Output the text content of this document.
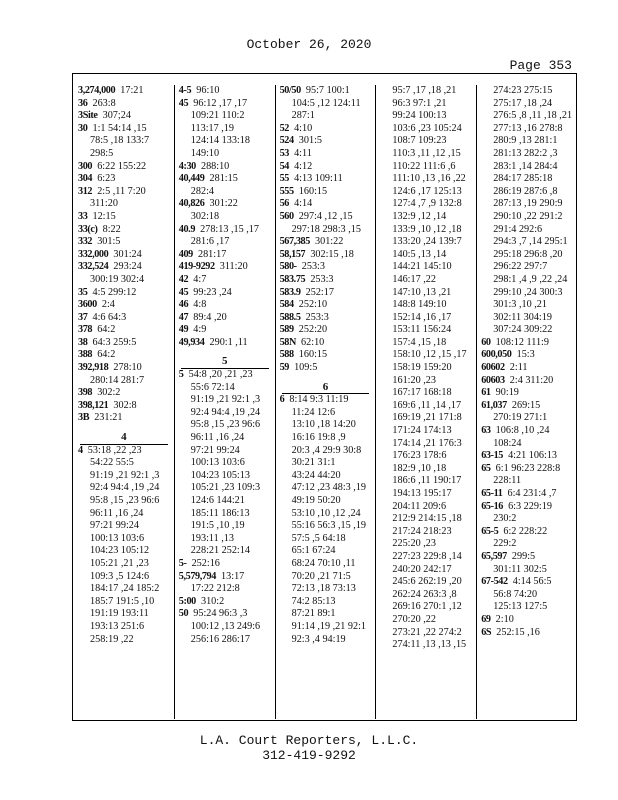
October 26, 2020
Page 353
3,274,000 17:21
36 263:8
3Site 307;24
30 1:1 54:14 ,15
78:5 ,18 133:7
298:5
300 6:22 155:22
304 6:23
312 2:5 ,11 7:20
311:20
33 12:15
33(c) 8:22
332 301:5
332,000 301:24
332,524 293:24
300:19 302:4
35 4:5 299:12
3600 2:4
37 4:6 64:3
378 64:2
38 64:3 259:5
388 64:2
392,918 278:10
280:14 281:7
398 302:2
398,121 302:8
3B 231:21
4
4 53:18 ,22 ,23
54:22 55:5
91:19 ,21 92:1 ,3
92:4 94:4 ,19 ,24
95:8 ,15 ,23 96:6
96:11 ,16 ,24
97:21 99:24
100:13 103:6
104:23 105:12
105:21 ,21 ,23
109:3 ,5 124:6
184:17 ,24 185:2
185:7 191:5 ,10
191:19 193:11
193:13 251:6
258:19 ,22
4-5 96:10
45 96:12 ,17 ,17
109:21 110:2
113:17 ,19
124:14 133:18
149:10
4:30 288:10
40,449 281:15
282:4
40,826 301:22
302:18
40.9 278:13 ,15 ,17
281:6 ,17
409 281:17
419-9292 311:20
42 4:7
45 99:23 ,24
46 4:8
47 89:4 ,20
49 4:9
49,934 290:1 ,11
5
5 54:8 ,20 ,21 ,23
55:6 72:14
91:19 ,21 92:1 ,3
92:4 94:4 ,19 ,24
95:8 ,15 ,23 96:6
96:11 ,16 ,24
97:21 99:24
100:13 103:6
104:23 105:13
105:21 ,23 109:3
124:6 144:21
185:11 186:13
191:5 ,10 ,19
193:11 ,13
228:21 252:14
5- 252:16
5,579,794 13:17
17:22 212:8
5:00 310:2
50 95:24 96:3 ,3
100:12 ,13 249:6
256:16 286:17
50/50 95:7 100:1
104:5 ,12 124:11
287:1
52 4:10
524 301:5
53 4:11
54 4:12
55 4:13 109:11
555 160:15
56 4:14
560 297:4 ,12 ,15
297:18 298:3 ,15
567,385 301:22
58,157 302:15 ,18
580- 253:3
583.75 253:3
583.9 252:17
584 252:10
588.5 253:3
589 252:20
58N 62:10
588 160:15
59 109:5
6
6 8:14 9:3 11:19
11:24 12:6
13:10 ,18 14:20
16:16 19:8 ,9
20:3 ,4 29:9 30:8
30:21 31:1
43:24 44:20
47:12 ,23 48:3 ,19
49:19 50:20
53:10 ,10 ,12 ,24
55:16 56:3 ,15 ,19
57:5 ,5 64:18
65:1 67:24
68:24 70:10 ,11
70:20 ,21 71:5
72:13 ,18 73:13
74:2 85:13
87:21 89:1
91:14 ,19 ,21 92:1
92:3 ,4 94:19
95:7 ,17 ,18 ,21
96:3 97:1 ,21
99:24 100:13
103:6 ,23 105:24
108:7 109:23
110:3 ,11 ,12 ,15
110:22 111:6 ,6
111:10 ,13 ,16 ,22
124:6 ,17 125:13
127:4 ,7 ,9 132:8
132:9 ,12 ,14
133:9 ,10 ,12 ,18
133:20 ,24 139:7
140:5 ,13 ,14
144:21 145:10
146:17 ,22
147:10 ,13 ,21
148:8 149:10
152:14 ,16 ,17
153:11 156:24
157:4 ,15 ,18
158:10 ,12 ,15 ,17
158:19 159:20
161:20 ,23
167:17 168:18
169:6 ,11 ,14 ,17
169:19 ,21 171:8
171:24 174:13
174:14 ,21 176:3
176:23 178:6
182:9 ,10 ,18
186:6 ,11 190:17
194:13 195:17
204:11 209:6
212:9 214:15 ,18
217:24 218:23
225:20 ,23
227:23 229:8 ,14
240:20 242:17
245:6 262:19 ,20
262:24 263:3 ,8
269:16 270:1 ,12
270:20 ,22
273:21 ,22 274:2
274:11 ,13 ,13 ,15
274:23 275:15
275:17 ,18 ,24
276:5 ,8 ,11 ,18 ,21
277:13 ,16 278:8
280:9 ,13 281:1
281:13 282:2 ,3
283:1 ,14 284:4
284:17 285:18
286:19 287:6 ,8
287:13 ,19 290:9
290:10 ,22 291:2
291:4 292:6
294:3 ,7 ,14 295:1
295:18 296:8 ,20
296:22 297:7
298:1 ,4 ,9 ,22 ,24
299:10 ,24 300:3
301:3 ,10 ,21
302:11 304:19
307:24 309:22
60 108:12 111:9
600,050 15:3
60602 2:11
60603 2:4 311:20
61 90:19
61,037 269:15
270:19 271:1
63 106:8 ,10 ,24
108:24
63-15 4:21 106:13
65 6:1 96:23 228:8
228:11
65-11 6:4 231:4 ,7
65-16 6:3 229:19
230:2
65-5 6:2 228:22
229:2
65,597 299:5
301:11 302:5
67-542 4:14 56:5
56:8 74:20
125:13 127:5
69 2:10
6S 252:15 ,16
L.A. Court Reporters, L.L.C.
312-419-9292
